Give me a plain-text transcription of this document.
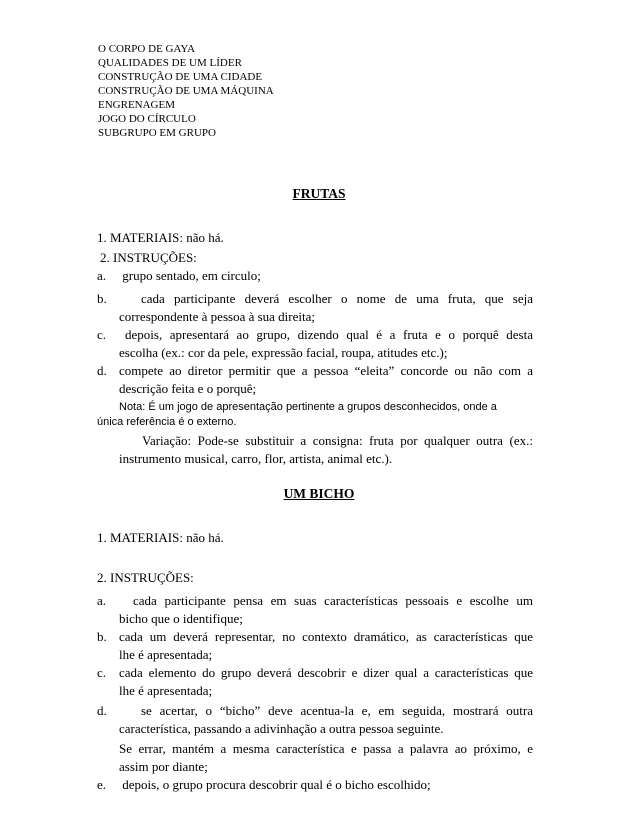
O CORPO DE GAYA
QUALIDADES DE UM LÍDER
CONSTRUÇÃO DE UMA CIDADE
CONSTRUÇÃO DE UMA MÁQUINA
ENGRENAGEM
JOGO DO CÍRCULO
SUBGRUPO EM GRUPO
FRUTAS
1. MATERIAIS: não há.
2. INSTRUÇÕES:
a. grupo sentado, em circulo;
b.	cada participante deverá escolher o nome de uma fruta, que seja
correspondente à pessoa à sua direita;
c.	depois, apresentará ao grupo, dizendo qual é a fruta e o porquê desta
escolha (ex.: cor da pele, expressão facial, roupa, atitudes etc.);
d. compete ao diretor permitir que a pessoa “eleita” concorde ou não com a
descrição feita e o porquê;
Nota: É um jogo de apresentação pertinente a grupos desconhecidos, onde a
única referência é o externo.
Variação: Pode-se substituir a consigna: fruta por qualquer outra (ex.:
instrumento musical, carro, flor, artista, animal etc.).
UM BICHO
1. MATERIAIS: não há.
2. INSTRUÇÕES:
a.	cada participante pensa em suas características pessoais e escolhe um
bicho que o identifique;
b. cada um deverá representar, no contexto dramático, as características que
lhe é apresentada;
c. cada elemento do grupo deverá descobrir e dizer qual a características que
lhe é apresentada;
d.	se acertar, o “bicho” deve acentua-la e, em seguida, mostrará outra
característica, passando a adivinhação a outra pessoa seguinte.
Se errar, mantém a mesma característica e passa a palavra ao próximo, e
assim por diante;
e. depois, o grupo procura descobrir qual é o bicho escolhido;
